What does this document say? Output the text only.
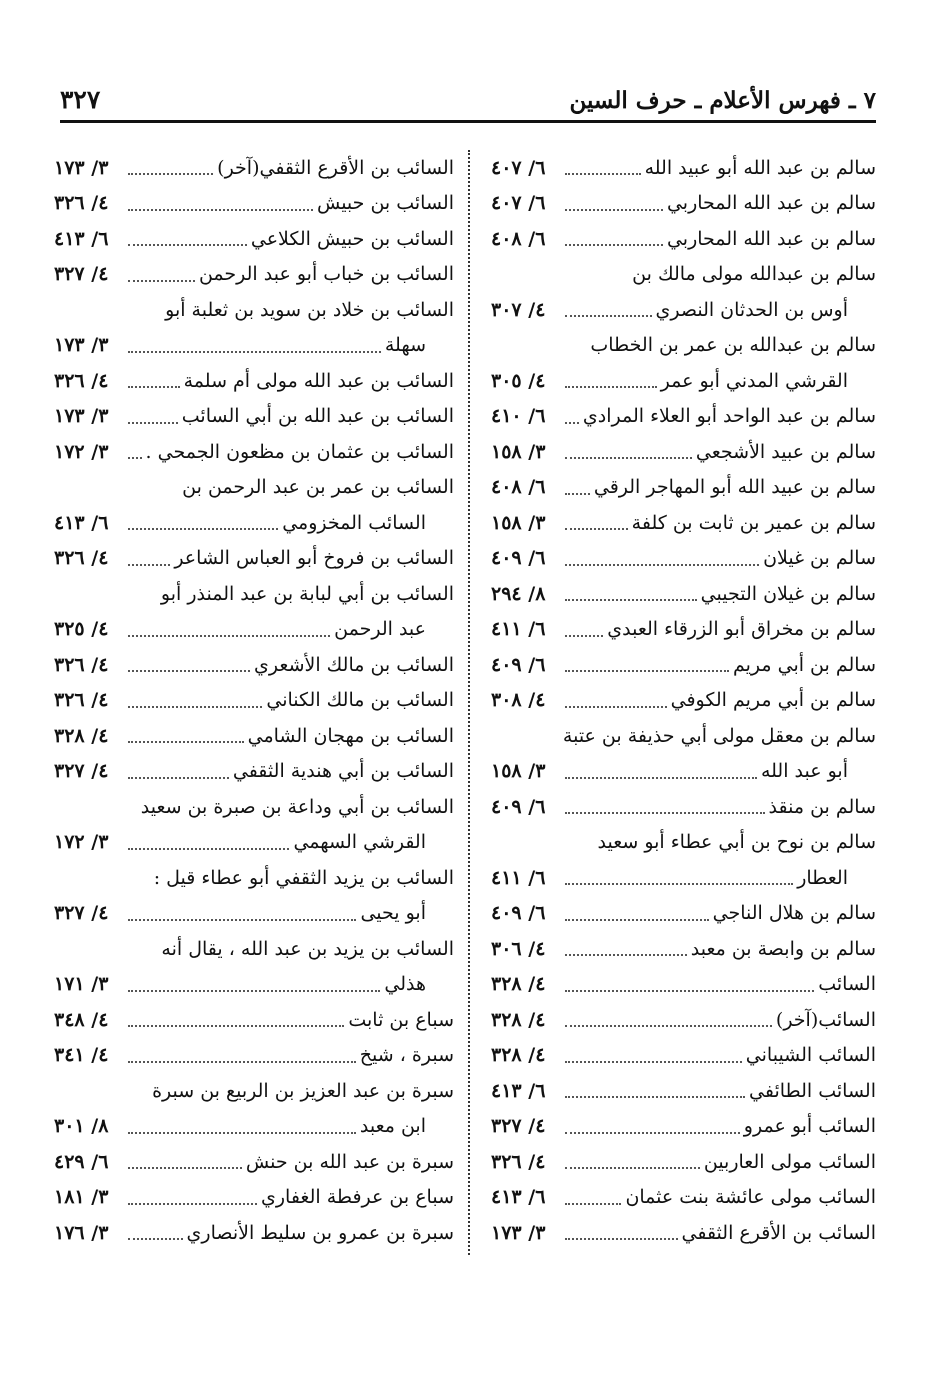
٧ ـ فهرس الأعلام ـ حرف السين
٣٢٧
سالم بن عبد الله أبو عبيد الله
٦/ ٤٠٧
سالم بن عبد الله المحاربي
٦/ ٤٠٧
سالم بن عبد الله المحاربي
٦/ ٤٠٨
سالم بن عبدالله مولى مالك بن
أوس بن الحدثان النصري
٤/ ٣٠٧
سالم بن عبدالله بن عمر بن الخطاب
القرشي المدني أبو عمر
٤/ ٣٠٥
سالم بن عبد الواحد أبو العلاء المرادي
٦/ ٤١٠
سالم بن عبيد الأشجعي
٣/ ١٥٨
سالم بن عبيد الله أبو المهاجر الرقي
٦/ ٤٠٨
سالم بن عمير بن ثابت بن كلفة
٣/ ١٥٨
سالم بن غيلان
٦/ ٤٠٩
سالم بن غيلان التجيبي
٨/ ٢٩٤
سالم بن مخراق أبو الزرقاء العبدي
٦/ ٤١١
سالم بن أبي مريم
٦/ ٤٠٩
سالم بن أبي مريم الكوفي
٤/ ٣٠٨
سالم بن معقل مولى أبي حذيفة بن عتبة
أبو عبد الله
٣/ ١٥٨
سالم بن منقذ
٦/ ٤٠٩
سالم بن نوح بن أبي عطاء أبو سعيد
العطار
٦/ ٤١١
سالم بن هلال الناجي
٦/ ٤٠٩
سالم بن وابصة بن معبد
٤/ ٣٠٦
السائب
٤/ ٣٢٨
السائب(آخر)
٤/ ٣٢٨
السائب الشيباني
٤/ ٣٢٨
السائب الطائفي
٦/ ٤١٣
السائب أبو عمرو
٤/ ٣٢٧
السائب مولى العاربين
٤/ ٣٢٦
السائب مولى عائشة بنت عثمان
٦/ ٤١٣
السائب بن الأقرع الثقفي
٣/ ١٧٣
السائب بن الأقرع الثقفي(آخر)
٣/ ١٧٣
السائب بن حبيش
٤/ ٣٢٦
السائب بن حبيش الكلاعي
٦/ ٤١٣
السائب بن خباب أبو عبد الرحمن
٤/ ٣٢٧
السائب بن خلاد بن سويد بن ثعلبة أبو
سهلة
٣/ ١٧٣
السائب بن عبد الله مولى أم سلمة
٤/ ٣٢٦
السائب بن عبد الله بن أبي السائب
٣/ ١٧٣
السائب بن عثمان بن مظعون الجمحي .
٣/ ١٧٢
السائب بن عمر بن عبد الرحمن بن
السائب المخزومي
٦/ ٤١٣
السائب بن فروخ أبو العباس الشاعر
٤/ ٣٢٦
السائب بن أبي لبابة بن عبد المنذر أبو
عبد الرحمن
٤/ ٣٢٥
السائب بن مالك الأشعري
٤/ ٣٢٦
السائب بن مالك الكناني
٤/ ٣٢٦
السائب بن مهجان الشامي
٤/ ٣٢٨
السائب بن أبي هندية الثقفي
٤/ ٣٢٧
السائب بن أبي وداعة بن صبرة بن سعيد
القرشي السهمي
٣/ ١٧٢
السائب بن يزيد الثقفي أبو عطاء قيل :
أبو يحيى
٤/ ٣٢٧
السائب بن يزيد بن عبد الله ، يقال أنه
هذلي
٣/ ١٧١
سباع بن ثابت
٤/ ٣٤٨
سبرة ، شيخ
٤/ ٣٤١
سبرة بن عبد العزيز بن الربيع بن سبرة
ابن معبد
٨/ ٣٠١
سبرة بن عبد الله بن حنش
٦/ ٤٢٩
سباع بن عرفطة الغفاري
٣/ ١٨١
سبرة بن عمرو بن سليط الأنصاري
٣/ ١٧٦
